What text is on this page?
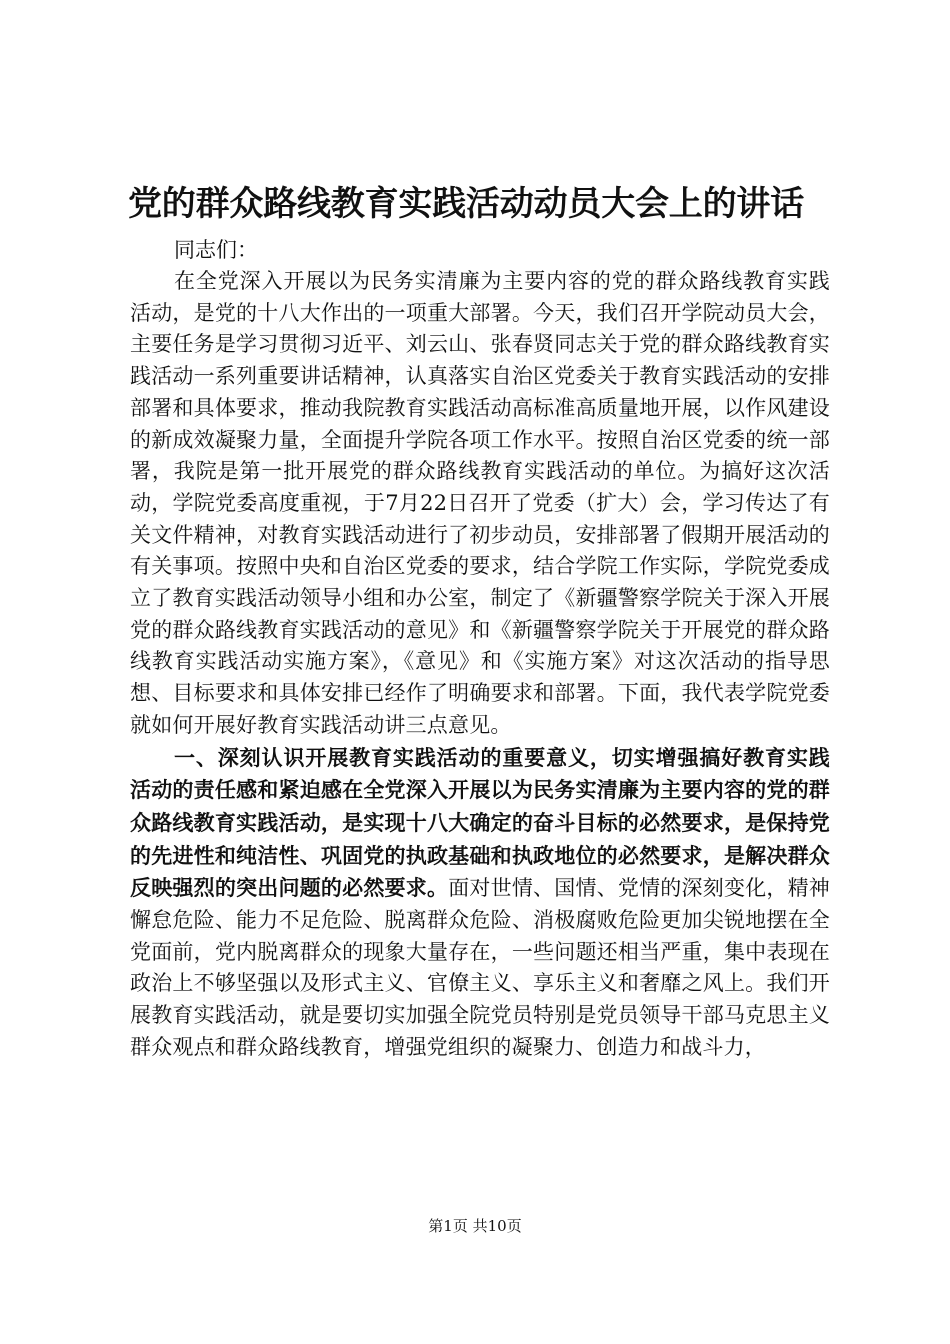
党的群众路线教育实践活动动员大会上的讲话

同志们：

在全党深入开展以为民务实清廉为主要内容的党的群众路线教育实践活动，是党的十八大作出的一项重大部署。今天，我们召开学院动员大会，主要任务是学习贯彻习近平、刘云山、张春贤同志关于党的群众路线教育实践活动一系列重要讲话精神，认真落实自治区党委关于教育实践活动的安排部署和具体要求，推动我院教育实践活动高标准高质量地开展，以作风建设的新成效凝聚力量，全面提升学院各项工作水平。按照自治区党委的统一部署，我院是第一批开展党的群众路线教育实践活动的单位。为搞好这次活动，学院党委高度重视，于7月22日召开了党委（扩大）会，学习传达了有关文件精神，对教育实践活动进行了初步动员，安排部署了假期开展活动的有关事项。按照中央和自治区党委的要求，结合学院工作实际，学院党委成立了教育实践活动领导小组和办公室，制定了《新疆警察学院关于深入开展党的群众路线教育实践活动的意见》和《新疆警察学院关于开展党的群众路线教育实践活动实施方案》，《意见》和《实施方案》对这次活动的指导思想、目标要求和具体安排已经作了明确要求和部署。下面，我代表学院党委就如何开展好教育实践活动讲三点意见。

一、深刻认识开展教育实践活动的重要意义，切实增强搞好教育实践活动的责任感和紧迫感在全党深入开展以为民务实清廉为主要内容的党的群众路线教育实践活动，是实现十八大确定的奋斗目标的必然要求，是保持党的先进性和纯洁性、巩固党的执政基础和执政地位的必然要求，是解决群众反映强烈的突出问题的必然要求。面对世情、国情、党情的深刻变化，精神懈怠危险、能力不足危险、脱离群众危险、消极腐败危险更加尖锐地摆在全党面前，党内脱离群众的现象大量存在，一些问题还相当严重，集中表现在政治上不够坚强以及形式主义、官僚主义、享乐主义和奢靡之风上。我们开展教育实践活动，就是要切实加强全院党员特别是党员领导干部马克思主义群众观点和群众路线教育，增强党组织的凝聚力、创造力和战斗力，

第1页 共10页
